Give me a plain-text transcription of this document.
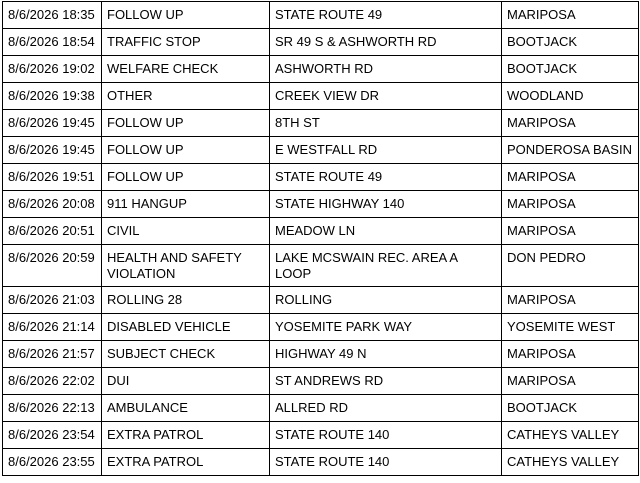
8/6/2026 18:35	FOLLOW UP	STATE ROUTE 49	MARIPOSA
8/6/2026 18:54	TRAFFIC STOP	SR 49 S & ASHWORTH RD	BOOTJACK
8/6/2026 19:02	WELFARE CHECK	ASHWORTH RD	BOOTJACK
8/6/2026 19:38	OTHER	CREEK VIEW DR	WOODLAND
8/6/2026 19:45	FOLLOW UP	8TH ST	MARIPOSA
8/6/2026 19:45	FOLLOW UP	E WESTFALL RD	PONDEROSA BASIN
8/6/2026 19:51	FOLLOW UP	STATE ROUTE 49	MARIPOSA
8/6/2026 20:08	911 HANGUP	STATE HIGHWAY 140	MARIPOSA
8/6/2026 20:51	CIVIL	MEADOW LN	MARIPOSA
8/6/2026 20:59	HEALTH AND SAFETY VIOLATION	LAKE MCSWAIN REC. AREA A LOOP	DON PEDRO
8/6/2026 21:03	ROLLING 28	ROLLING	MARIPOSA
8/6/2026 21:14	DISABLED VEHICLE	YOSEMITE PARK WAY	YOSEMITE WEST
8/6/2026 21:57	SUBJECT CHECK	HIGHWAY 49 N	MARIPOSA
8/6/2026 22:02	DUI	ST ANDREWS RD	MARIPOSA
8/6/2026 22:13	AMBULANCE	ALLRED RD	BOOTJACK
8/6/2026 23:54	EXTRA PATROL	STATE ROUTE 140	CATHEYS VALLEY
8/6/2026 23:55	EXTRA PATROL	STATE ROUTE 140	CATHEYS VALLEY
